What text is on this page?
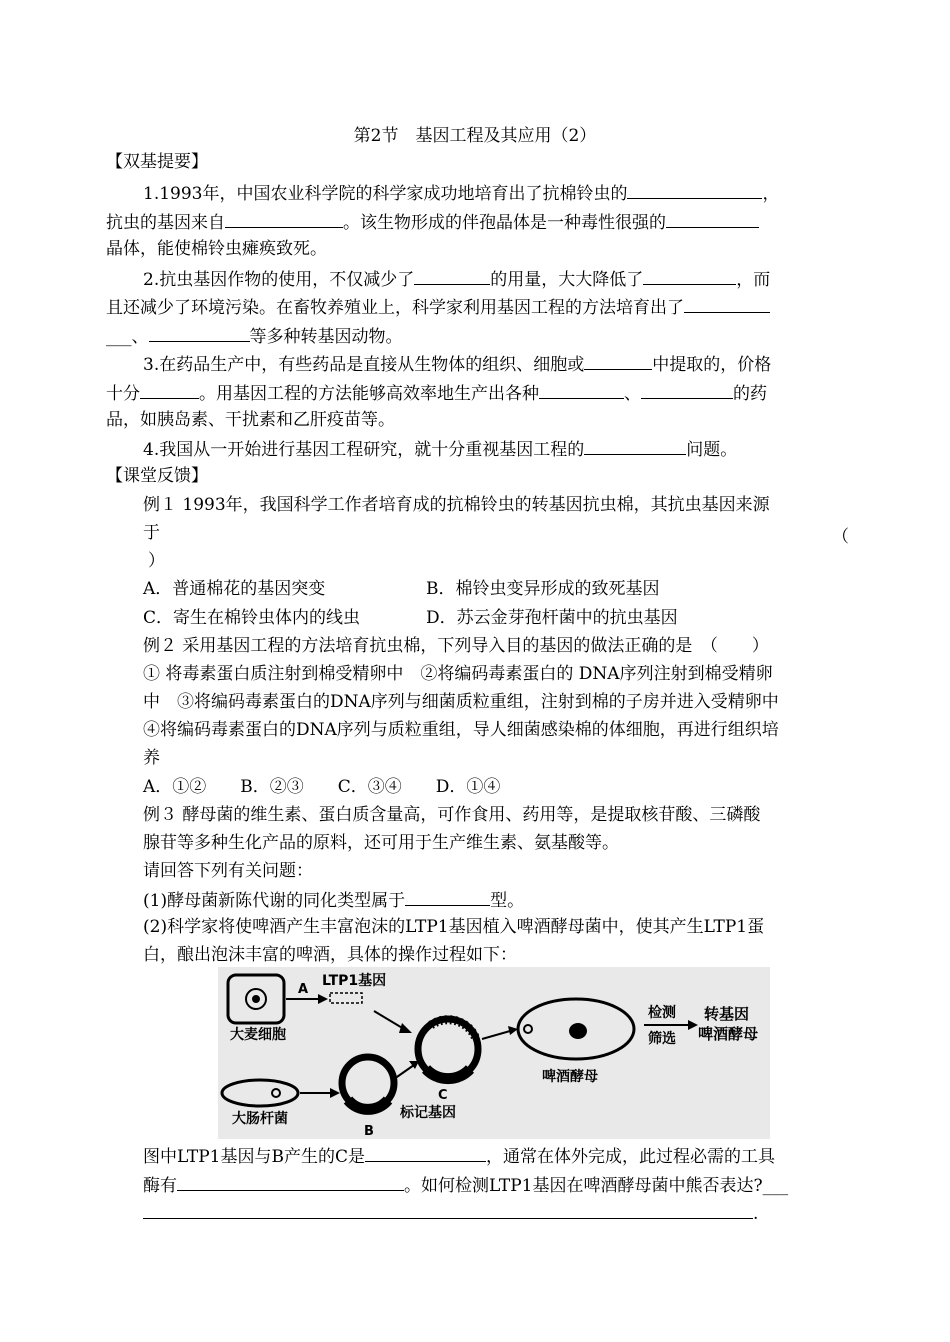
第2节　基因工程及其应用（2）
【双基提要】
1.1993年，中国农业科学院的科学家成功地培育出了抗棉铃虫的	，
抗虫的基因来自	。该生物形成的伴孢晶体是一种毒性很强的
晶体，能使棉铃虫瘫痪致死。
2.抗虫基因作物的使用，不仅减少了	的用量，大大降低了	，而
且还减少了环境污染。在畜牧养殖业上，科学家利用基因工程的方法培育出了
___、	等多种转基因动物。
3.在药品生产中，有些药品是直接从生物体的组织、细胞或	中提取的，价格
十分	。用基因工程的方法能够高效率地生产出各种	、	的药
品，如胰岛素、干扰素和乙肝疫苗等。
4.我国从一开始进行基因工程研究，就十分重视基因工程的	问题。
【课堂反馈】
例１ 1993年，我国科学工作者培育成的抗棉铃虫的转基因抗虫棉，其抗虫基因来源
于	（
）
A．普通棉花的基因突变	B．棉铃虫变异形成的致死基因
C．寄生在棉铃虫体内的线虫	D．苏云金芽孢杆菌中的抗虫基因
例２ 采用基因工程的方法培育抗虫棉，下列导入目的基因的做法正确的是　（　　）
① 将毒素蛋白质注射到棉受精卵中　②将编码毒素蛋白的 DNA序列注射到棉受精卵
中　③将编码毒素蛋白的DNA序列与细菌质粒重组，注射到棉的子房并进入受精卵中
④将编码毒素蛋白的DNA序列与质粒重组，导人细菌感染棉的体细胞，再进行组织培
养
A．①②　　B．②③　　C．③④　　D．①④
例３ 酵母菌的维生素、蛋白质含量高，可作食用、药用等，是提取核苷酸、三磷酸
腺苷等多种生化产品的原料，还可用于生产维生素、氨基酸等。
请回答下列有关问题：
(1)酵母菌新陈代谢的同化类型属于	型。
(2)科学家将使啤酒产生丰富泡沫的LTP1基因植入啤酒酵母菌中，使其产生LTP1蛋
白，酿出泡沫丰富的啤酒，具体的操作过程如下：
大麦细胞
A
LTP1基因
大肠杆菌
B
标记基因
C
啤酒酵母
检测
筛选
转基因
啤酒酵母
图中LTP1基因与B产生的C是	，通常在体外完成，此过程必需的工具
酶有	。如何检测LTP1基因在啤酒酵母菌中熊否表达?___
.
